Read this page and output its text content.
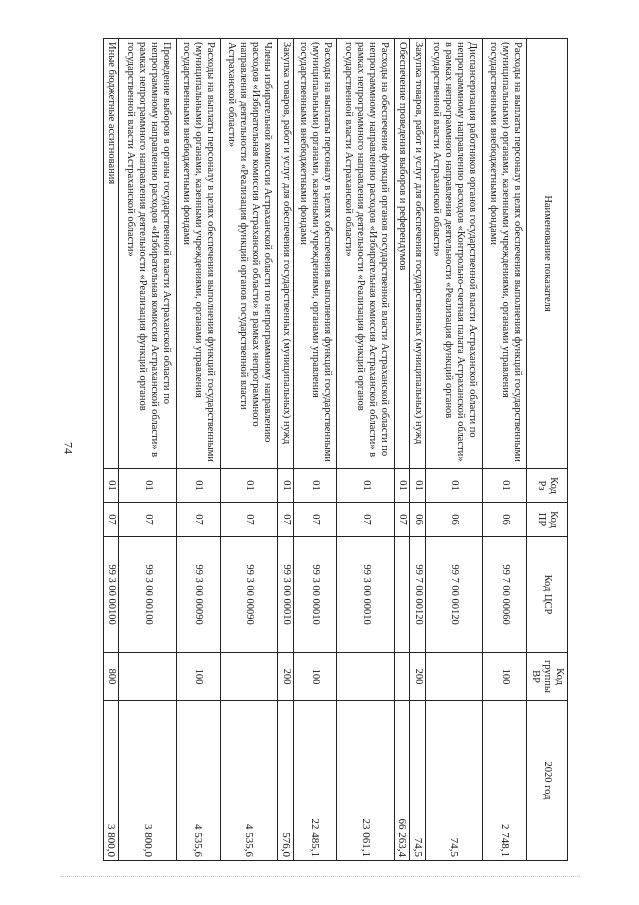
74
Наименование показателя	Код Рз	Код ПР	Код ЦСР	Код группы ВР	2020 год
Расходы на выплаты персоналу в целях обеспечения выполнения функций государственными (муниципальными) органами, казенными учреждениями, органами управления государственными внебюджетными фондами	01	06	99 7 00 00060	100	2 748,1
Диспансеризация работников органов государственной власти Астраханской области по непрограммному направлению расходов «Контрольно-счетная палата Астраханской области» в рамках непрограммного направления деятельности «Реализация функций органов государственной власти Астраханской области»	01	06	99 7 00 00120		74,5
Закупка товаров, работ и услуг для обеспечения государственных (муниципальных) нужд	01	06	99 7 00 00120	200	74,5
Обеспечение проведения выборов и референдумов	01	07			66 263,4
Расходы на обеспечение функций органов государственной власти Астраханской области по непрограммному направлению расходов «Избирательная комиссия Астраханской области» в рамках непрограммного направления деятельности «Реализация функций органов государственной власти Астраханской области»	01	07	99 3 00 00010		23 061,1
Расходы на выплаты персоналу в целях обеспечения выполнения функций государственными (муниципальными) органами, казенными учреждениями, органами управления государственными внебюджетными фондами	01	07	99 3 00 00010	100	22 485,1
Закупка товаров, работ и услуг для обеспечения государственных (муниципальных) нужд	01	07	99 3 00 00010	200	576,0
Члены избирательной комиссии Астраханской области по непрограммному направлению расходов «Избирательная комиссия Астраханской области» в рамках непрограммного направления деятельности «Реализация функций органов государственной власти Астраханской области»	01	07	99 3 00 00090		4 535,6
Расходы на выплаты персоналу в целях обеспечения выполнения функций государственными (муниципальными) органами, казенными учреждениями, органами управления государственными внебюджетными фондами	01	07	99 3 00 00090	100	4 535,6
Проведение выборов в органы государственной власти Астраханской области по непрограммному направлению расходов «Избирательная комиссия Астраханской области» в рамках непрограммного направления деятельности «Реализация функций органов государственной власти Астраханской области»	01	07	99 3 00 00100		3 800,0
Иные бюджетные ассигнования	01	07	99 3 00 00100	800	3 800,0
